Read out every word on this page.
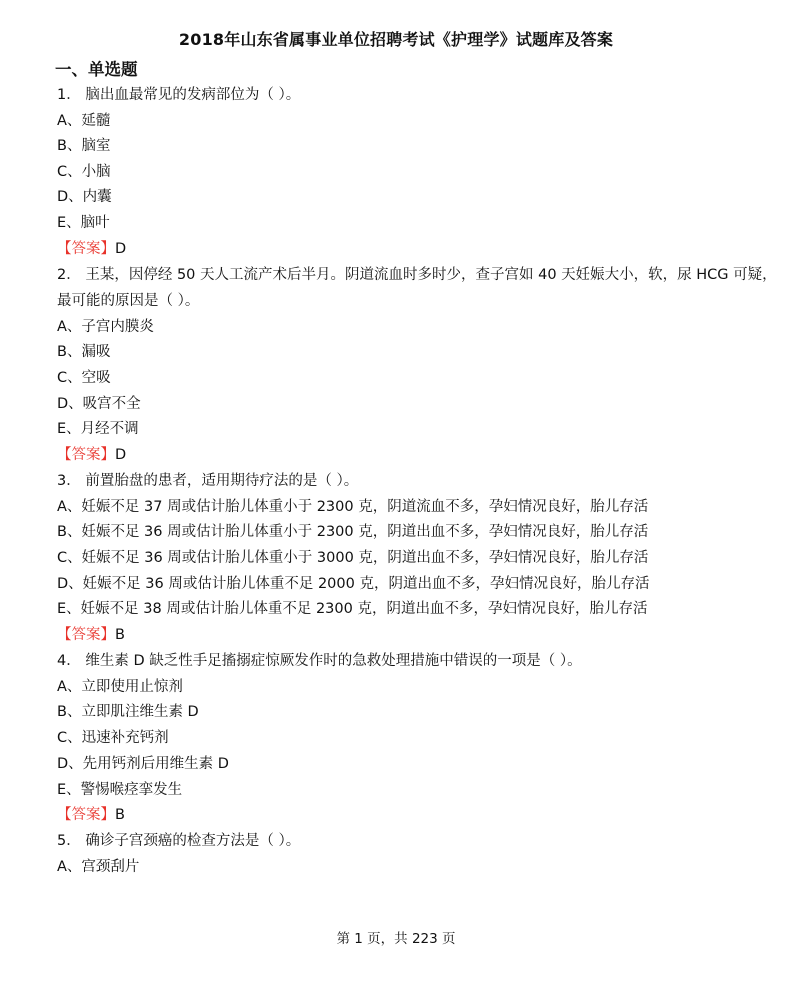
2018年山东省属事业单位招聘考试《护理学》试题库及答案
一、单选题
1． 脑出血最常见的发病部位为（ ）。
A、延髓
B、脑室
C、小脑
D、内囊
E、脑叶
【答案】D
2． 王某，因停经 50 天人工流产术后半月。阴道流血时多时少，查子宫如 40 天妊娠大小，软，尿 HCG 可疑，
最可能的原因是（ ）。
A、子宫内膜炎
B、漏吸
C、空吸
D、吸宫不全
E、月经不调
【答案】D
3． 前置胎盘的患者，适用期待疗法的是（ ）。
A、妊娠不足 37 周或估计胎儿体重小于 2300 克，阴道流血不多，孕妇情况良好，胎儿存活
B、妊娠不足 36 周或估计胎儿体重小于 2300 克，阴道出血不多，孕妇情况良好，胎儿存活
C、妊娠不足 36 周或估计胎儿体重小于 3000 克，阴道出血不多，孕妇情况良好，胎儿存活
D、妊娠不足 36 周或估计胎儿体重不足 2000 克，阴道出血不多，孕妇情况良好，胎儿存活
E、妊娠不足 38 周或估计胎儿体重不足 2300 克，阴道出血不多，孕妇情况良好，胎儿存活
【答案】B
4． 维生素 D 缺乏性手足搐搦症惊厥发作时的急救处理措施中错误的一项是（ ）。
A、立即使用止惊剂
B、立即肌注维生素 D
C、迅速补充钙剂
D、先用钙剂后用维生素 D
E、警惕喉痉挛发生
【答案】B
5． 确诊子宫颈癌的检查方法是（ ）。
A、宫颈刮片
第 1 页，共 223 页
